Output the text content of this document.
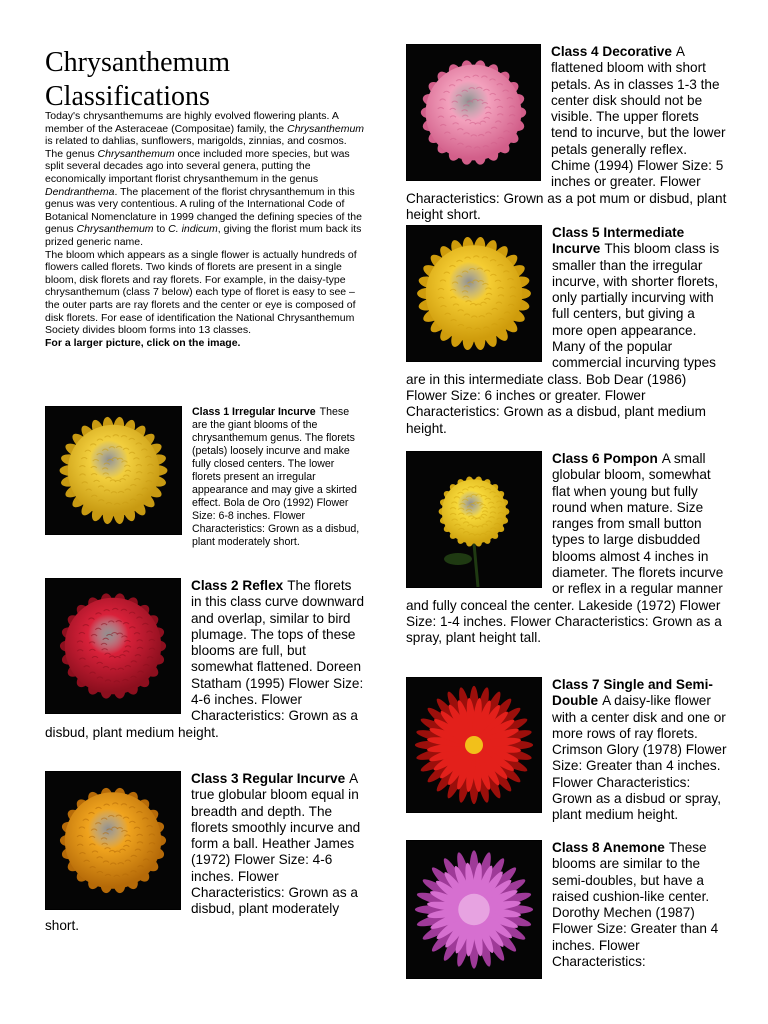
Chrysanthemum Classifications

Today's chrysanthemums are highly evolved flowering plants. A member of the Asteraceae (Compositae) family, the Chrysanthemum is related to dahlias, sunflowers, marigolds, zinnias, and cosmos. The genus Chrysanthemum once included more species, but was split several decades ago into several genera, putting the economically important florist chrysanthemum in the genus Dendranthema. The placement of the florist chrysanthemum in this genus was very contentious. A ruling of the International Code of Botanical Nomenclature in 1999 changed the defining species of the genus Chrysanthemum to C. indicum, giving the florist mum back its prized generic name.

The bloom which appears as a single flower is actually hundreds of flowers called florets. Two kinds of florets are present in a single bloom, disk florets and ray florets. For example, in the daisy-type chrysanthemum (class 7 below) each type of floret is easy to see – the outer parts are ray florets and the center or eye is composed of disk florets. For ease of identification the National Chrysanthemum Society divides bloom forms into 13 classes.

For a larger picture, click on the image.

Class 1 Irregular Incurve These are the giant blooms of the chrysanthemum genus. The florets (petals) loosely incurve and make fully closed centers. The lower florets present an irregular appearance and may give a skirted effect. Bola de Oro (1992) Flower Size: 6-8 inches. Flower Characteristics: Grown as a disbud, plant moderately short.

Class 2 Reflex The florets in this class curve downward and overlap, similar to bird plumage. The tops of these blooms are full, but somewhat flattened. Doreen Statham (1995) Flower Size: 4-6 inches. Flower Characteristics: Grown as a disbud, plant medium height.

Class 3 Regular Incurve A true globular bloom equal in breadth and depth. The florets smoothly incurve and form a ball. Heather James (1972) Flower Size: 4-6 inches. Flower Characteristics: Grown as a disbud, plant moderately short.

Class 4 Decorative A flattened bloom with short petals. As in classes 1-3 the center disk should not be visible. The upper florets tend to incurve, but the lower petals generally reflex. Chime (1994) Flower Size: 5 inches or greater. Flower Characteristics: Grown as a pot mum or disbud, plant height short.

Class 5 Intermediate Incurve This bloom class is smaller than the irregular incurve, with shorter florets, only partially incurving with full centers, but giving a more open appearance. Many of the popular commercial incurving types are in this intermediate class. Bob Dear (1986) Flower Size: 6 inches or greater. Flower Characteristics: Grown as a disbud, plant medium height.

Class 6 Pompon A small globular bloom, somewhat flat when young but fully round when mature. Size ranges from small button types to large disbudded blooms almost 4 inches in diameter. The florets incurve or reflex in a regular manner and fully conceal the center. Lakeside (1972) Flower Size: 1-4 inches. Flower Characteristics: Grown as a spray, plant height tall.

Class 7 Single and Semi-Double A daisy-like flower with a center disk and one or more rows of ray florets. Crimson Glory (1978) Flower Size: Greater than 4 inches. Flower Characteristics: Grown as a disbud or spray, plant medium height.

Class 8 Anemone These blooms are similar to the semi-doubles, but have a raised cushion-like center. Dorothy Mechen (1987) Flower Size: Greater than 4 inches. Flower Characteristics:
